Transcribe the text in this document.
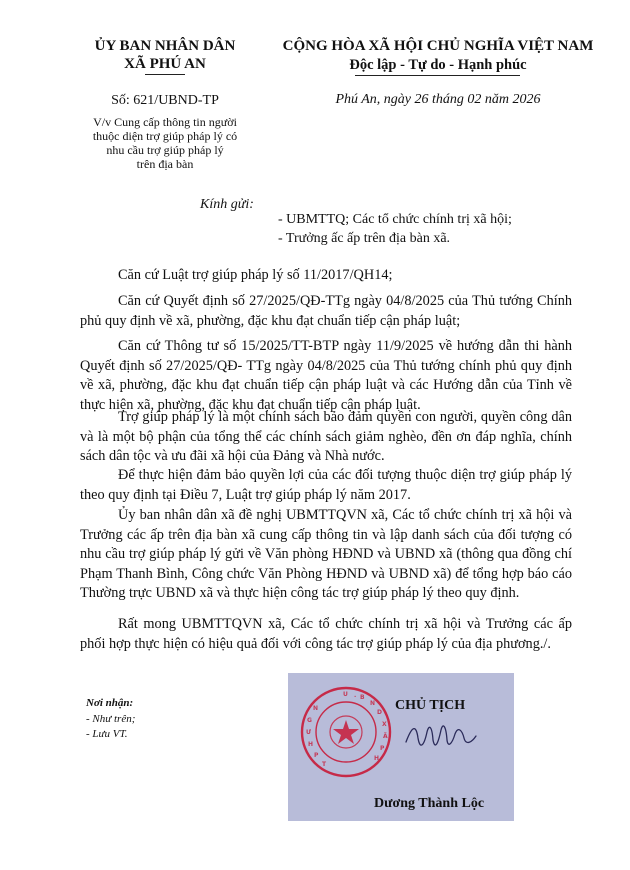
ỦY BAN NHÂN DÂN
XÃ PHÚ AN
CỘNG HÒA XÃ HỘI CHỦ NGHĨA VIỆT NAM
Độc lập - Tự do - Hạnh phúc
Số: 621/UBND-TP	Phú An, ngày 26 tháng 02 năm 2026
V/v Cung cấp thông tin người
thuộc diện trợ giúp pháp lý có
nhu cầu trợ giúp pháp lý
trên địa bàn
Kính gửi:
- UBMTTQ; Các tổ chức chính trị xã hội;
- Trưởng ấc ấp trên địa bàn xã.

Căn cứ Luật trợ giúp pháp lý số 11/2017/QH14;

Căn cứ Quyết định số 27/2025/QĐ-TTg ngày 04/8/2025 của Thủ tướng Chính phủ quy định về xã, phường, đặc khu đạt chuẩn tiếp cận pháp luật;

Căn cứ Thông tư số 15/2025/TT-BTP ngày 11/9/2025 về hướng dẫn thi hành Quyết định số 27/2025/QĐ- TTg ngày 04/8/2025 của Thủ tướng chính phủ quy định về xã, phường, đặc khu đạt chuẩn tiếp cận pháp luật và các Hướng dẫn của Tỉnh về thực hiện xã, phường, đặc khu đạt chuẩn tiếp cận pháp luật.

Trợ giúp pháp lý là một chính sách bảo đảm quyền con người, quyền công dân và là một bộ phận của tổng thể các chính sách giảm nghèo, đền ơn đáp nghĩa, chính sách dân tộc và ưu đãi xã hội của Đảng và Nhà nước.

Để thực hiện đảm bảo quyền lợi của các đối tượng thuộc diện trợ giúp pháp lý theo quy định tại Điều 7, Luật trợ giúp pháp lý năm 2017.

Ủy ban nhân dân xã đề nghị UBMTTQVN xã, Các tổ chức chính trị xã hội và Trưởng các ấp trên địa bàn xã cung cấp thông tin và lập danh sách của đối tượng có nhu cầu trợ giúp pháp lý gửi về Văn phòng HĐND và UBND xã (thông qua đồng chí Phạm Thanh Bình, Công chức Văn Phòng HĐND và UBND xã) để tổng hợp báo cáo Thường trực UBND xã và thực hiện công tác trợ giúp pháp lý theo quy định.

Rất mong UBMTTQVN xã, Các tổ chức chính trị xã hội và Trưởng các ấp phối hợp thực hiện có hiệu quả đối với công tác trợ giúp pháp lý của địa phương./.

Nơi nhận:
- Như trên;
- Lưu VT.
U . B
N
D
X
Ã
P
H
N
G
Ư
H
P
T
CHỦ TỊCH
Dương Thành Lộc
